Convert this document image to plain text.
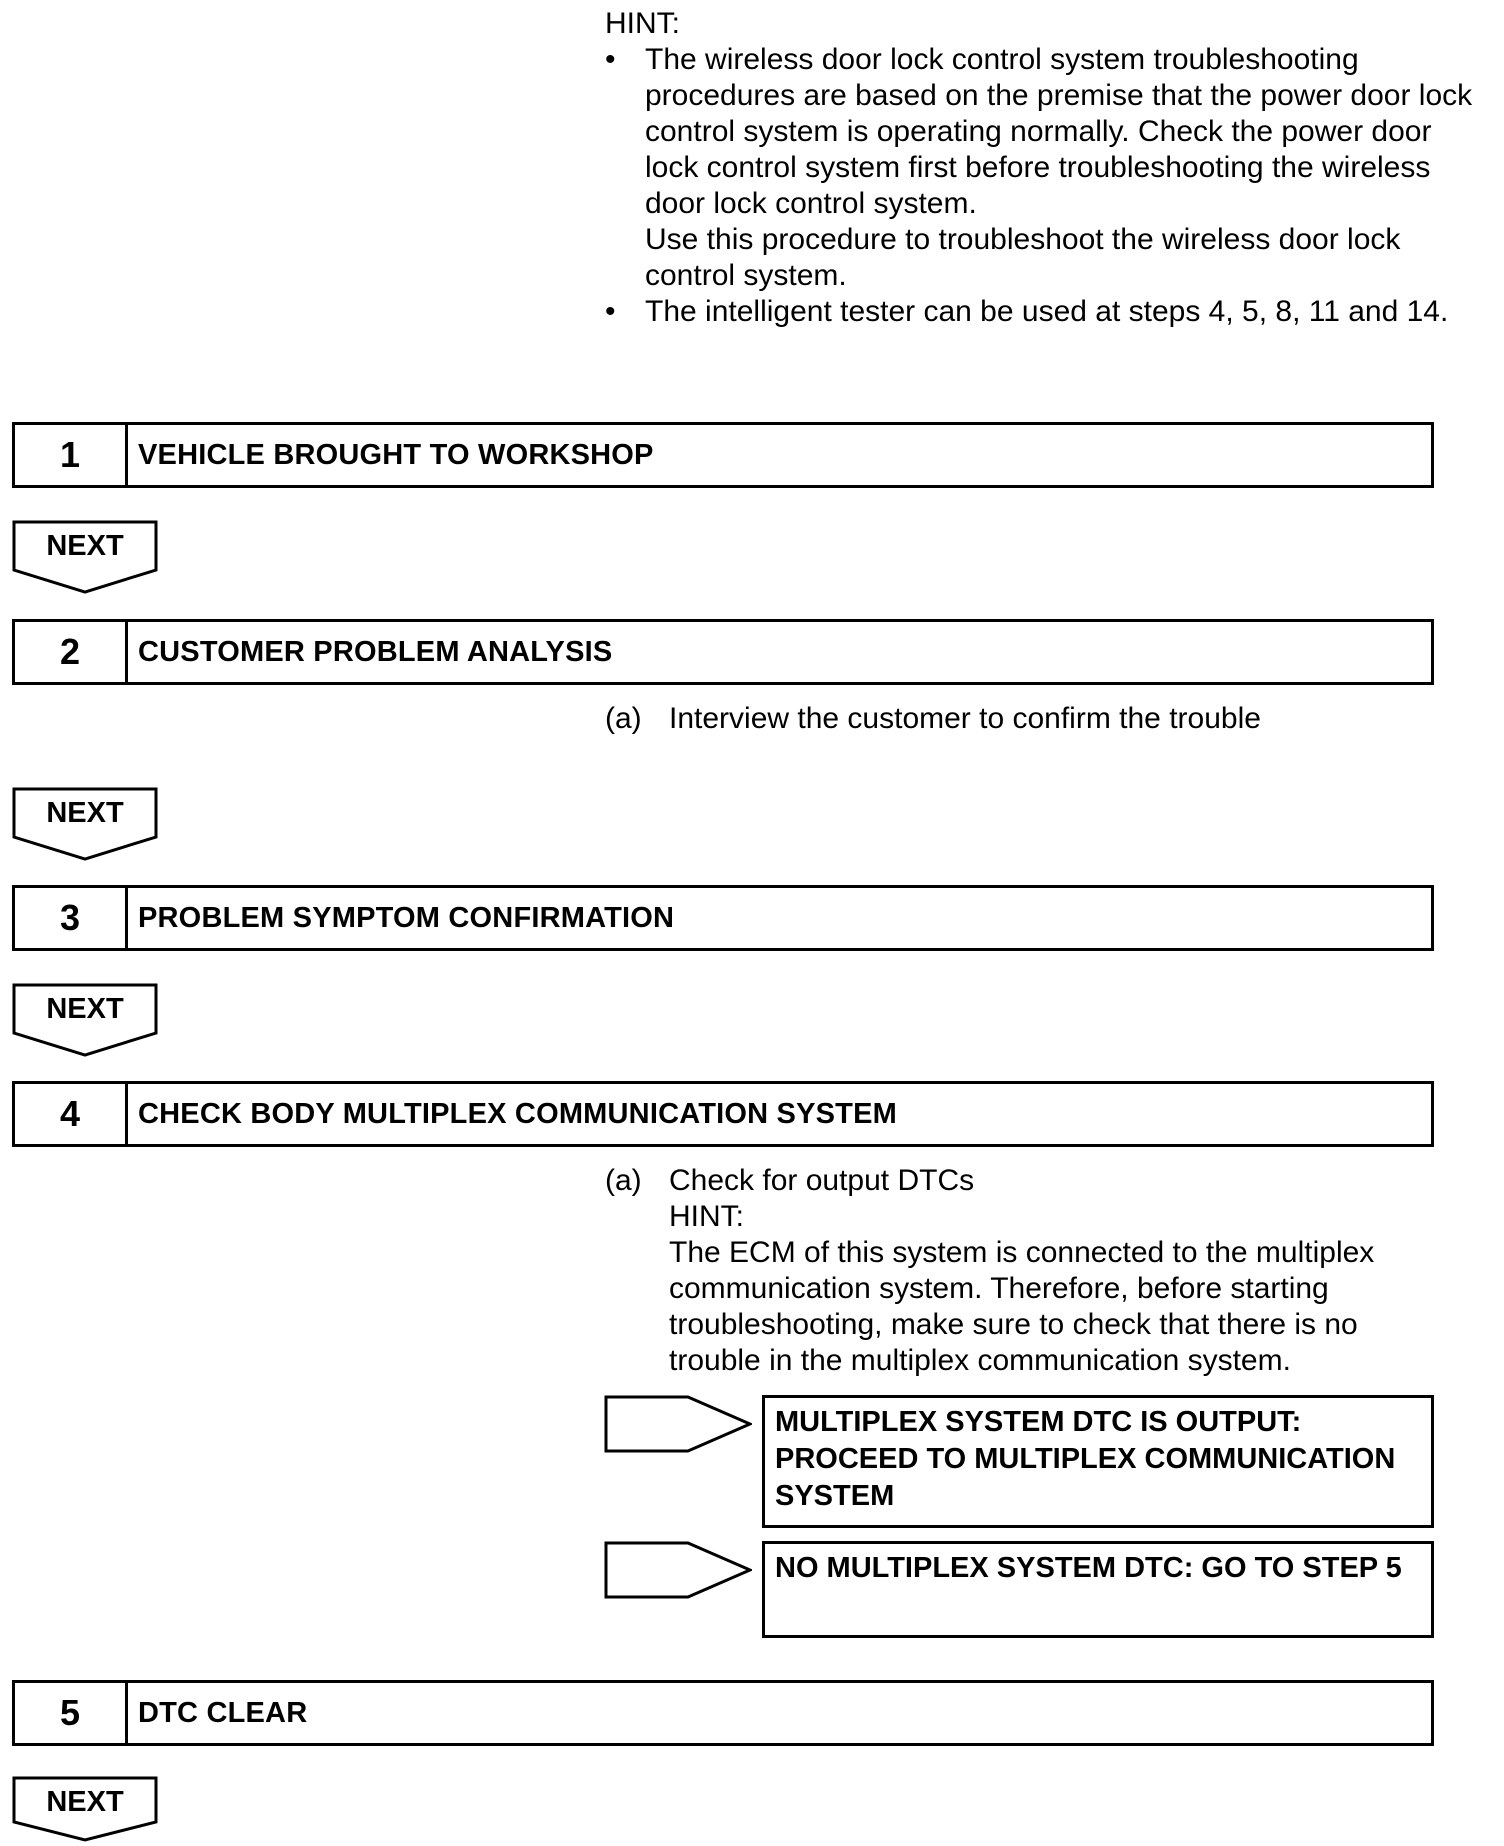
HINT:
• The wireless door lock control system troubleshooting procedures are based on the premise that the power door lock control system is operating normally. Check the power door lock control system first before troubleshooting the wireless door lock control system.
Use this procedure to troubleshoot the wireless door lock control system.
• The intelligent tester can be used at steps 4, 5, 8, 11 and 14.
1	VEHICLE BROUGHT TO WORKSHOP
NEXT
2	CUSTOMER PROBLEM ANALYSIS
(a) Interview the customer to confirm the trouble
NEXT
3	PROBLEM SYMPTOM CONFIRMATION
NEXT
4	CHECK BODY MULTIPLEX COMMUNICATION SYSTEM
(a) Check for output DTCs
HINT:
The ECM of this system is connected to the multiplex communication system. Therefore, before starting troubleshooting, make sure to check that there is no trouble in the multiplex communication system.
MULTIPLEX SYSTEM DTC IS OUTPUT: PROCEED TO MULTIPLEX COMMUNICATION SYSTEM
NO MULTIPLEX SYSTEM DTC: GO TO STEP 5
5	DTC CLEAR
NEXT
